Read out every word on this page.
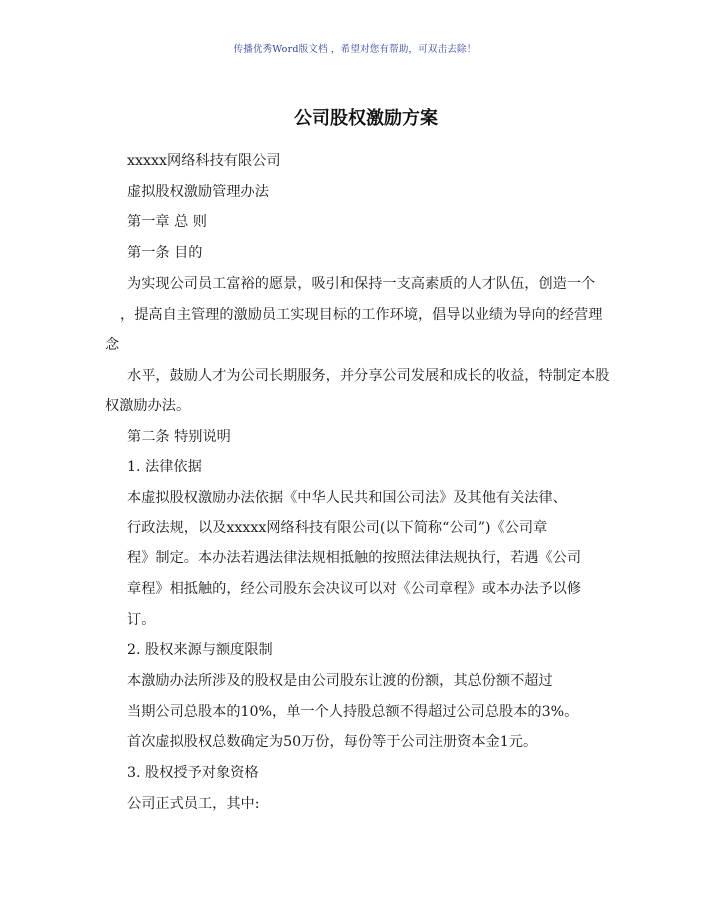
传播优秀Word版文档 ，希望对您有帮助，可双击去除！
公司股权激励方案
xxxxx网络科技有限公司
虚拟股权激励管理办法
第一章 总 则
第一条 目的
为实现公司员工富裕的愿景，吸引和保持一支高素质的人才队伍，创造一个
，提高自主管理的激励员工实现目标的工作环境，倡导以业绩为导向的经营理
念
水平，鼓励人才为公司长期服务，并分享公司发展和成长的收益，特制定本股
权激励办法。
第二条 特别说明
1. 法律依据
本虚拟股权激励办法依据《中华人民共和国公司法》及其他有关法律、
行政法规，以及xxxxx网络科技有限公司(以下简称“公司”)《公司章
程》制定。本办法若遇法律法规相抵触的按照法律法规执行，若遇《公司
章程》相抵触的，经公司股东会决议可以对《公司章程》或本办法予以修
订。
2. 股权来源与额度限制
本激励办法所涉及的股权是由公司股东让渡的份额，其总份额不超过
当期公司总股本的10%，单一个人持股总额不得超过公司总股本的3%。
首次虚拟股权总数确定为50万份，每份等于公司注册资本金1元。
3. 股权授予对象资格
公司正式员工，其中:
